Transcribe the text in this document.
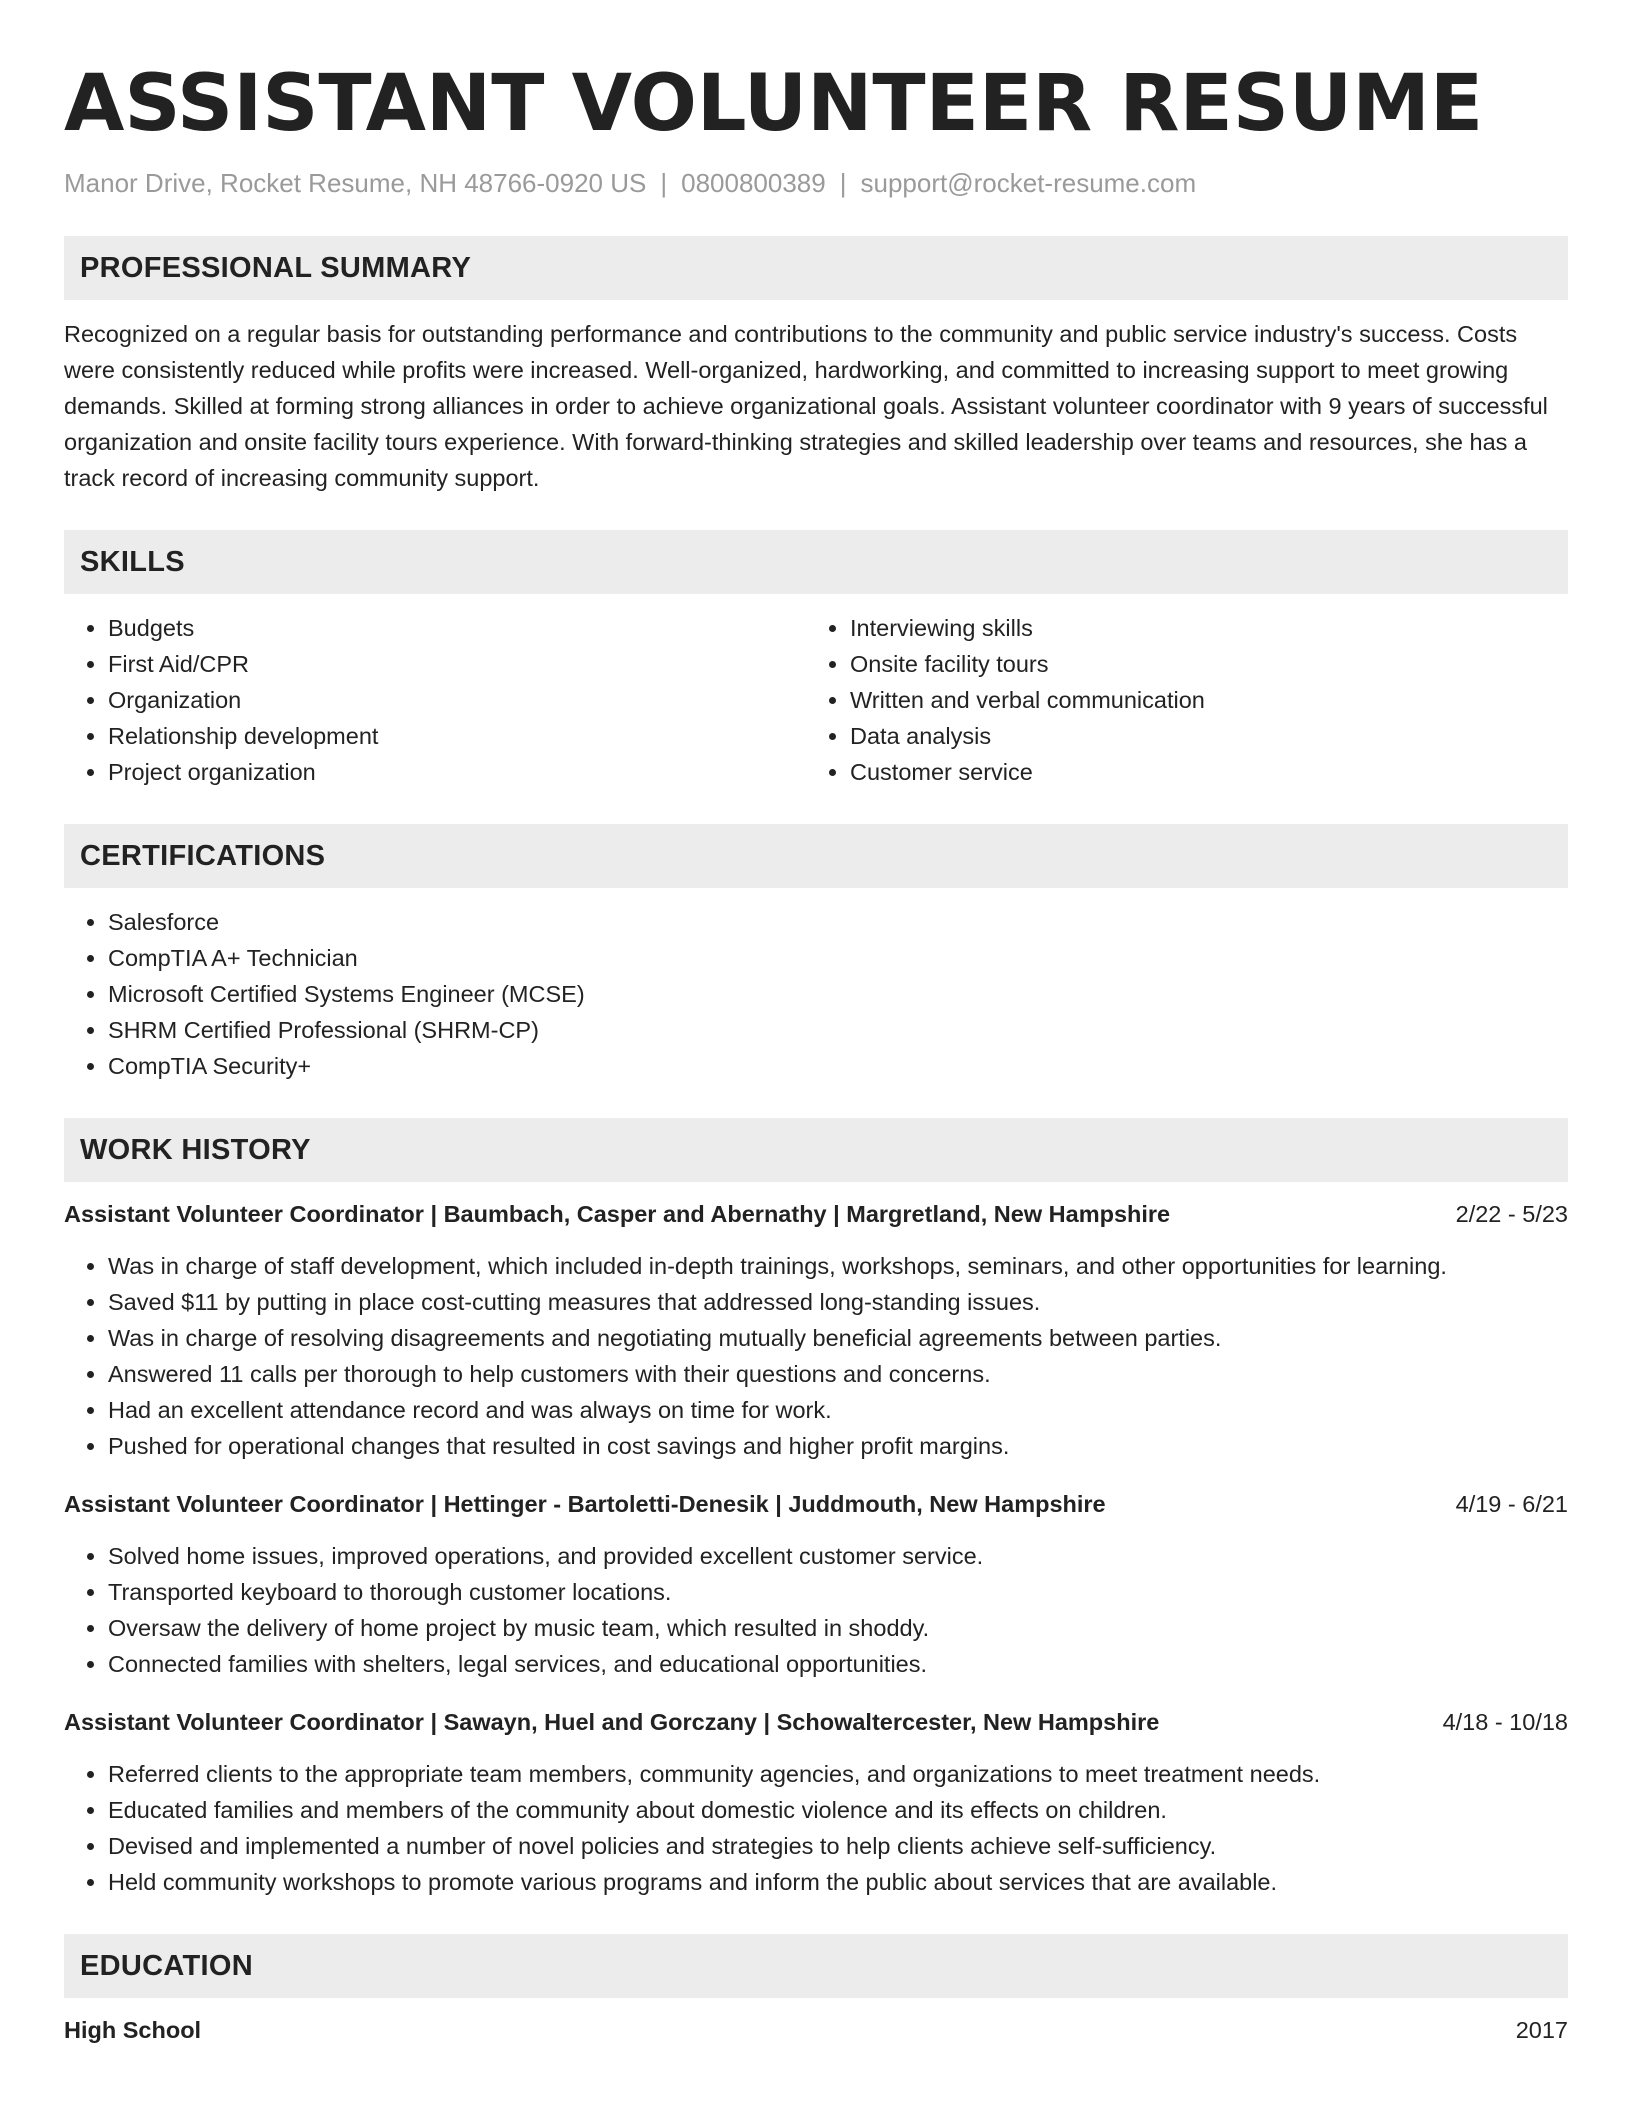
ASSISTANT VOLUNTEER RESUME
Manor Drive, Rocket Resume, NH 48766-0920 US | 0800800389 | support@rocket-resume.com
PROFESSIONAL SUMMARY

Recognized on a regular basis for outstanding performance and contributions to the community and public service industry's success. Costs were consistently reduced while profits were increased. Well-organized, hardworking, and committed to increasing support to meet growing demands. Skilled at forming strong alliances in order to achieve organizational goals. Assistant volunteer coordinator with 9 years of successful organization and onsite facility tours experience. With forward-thinking strategies and skilled leadership over teams and resources, she has a track record of increasing community support.

SKILLS
• Budgets
• First Aid/CPR
• Organization
• Relationship development
• Project organization
• Interviewing skills
• Onsite facility tours
• Written and verbal communication
• Data analysis
• Customer service
CERTIFICATIONS
• Salesforce
• CompTIA A+ Technician
• Microsoft Certified Systems Engineer (MCSE)
• SHRM Certified Professional (SHRM-CP)
• CompTIA Security+
WORK HISTORY
Assistant Volunteer Coordinator | Baumbach, Casper and Abernathy | Margretland, New Hampshire	2/22 - 5/23
• Was in charge of staff development, which included in-depth trainings, workshops, seminars, and other opportunities for learning.
• Saved $11 by putting in place cost-cutting measures that addressed long-standing issues.
• Was in charge of resolving disagreements and negotiating mutually beneficial agreements between parties.
• Answered 11 calls per thorough to help customers with their questions and concerns.
• Had an excellent attendance record and was always on time for work.
• Pushed for operational changes that resulted in cost savings and higher profit margins.
Assistant Volunteer Coordinator | Hettinger - Bartoletti-Denesik | Juddmouth, New Hampshire	4/19 - 6/21
• Solved home issues, improved operations, and provided excellent customer service.
• Transported keyboard to thorough customer locations.
• Oversaw the delivery of home project by music team, which resulted in shoddy.
• Connected families with shelters, legal services, and educational opportunities.
Assistant Volunteer Coordinator | Sawayn, Huel and Gorczany | Schowaltercester, New Hampshire	4/18 - 10/18
• Referred clients to the appropriate team members, community agencies, and organizations to meet treatment needs.
• Educated families and members of the community about domestic violence and its effects on children.
• Devised and implemented a number of novel policies and strategies to help clients achieve self-sufficiency.
• Held community workshops to promote various programs and inform the public about services that are available.
EDUCATION
High School	2017
